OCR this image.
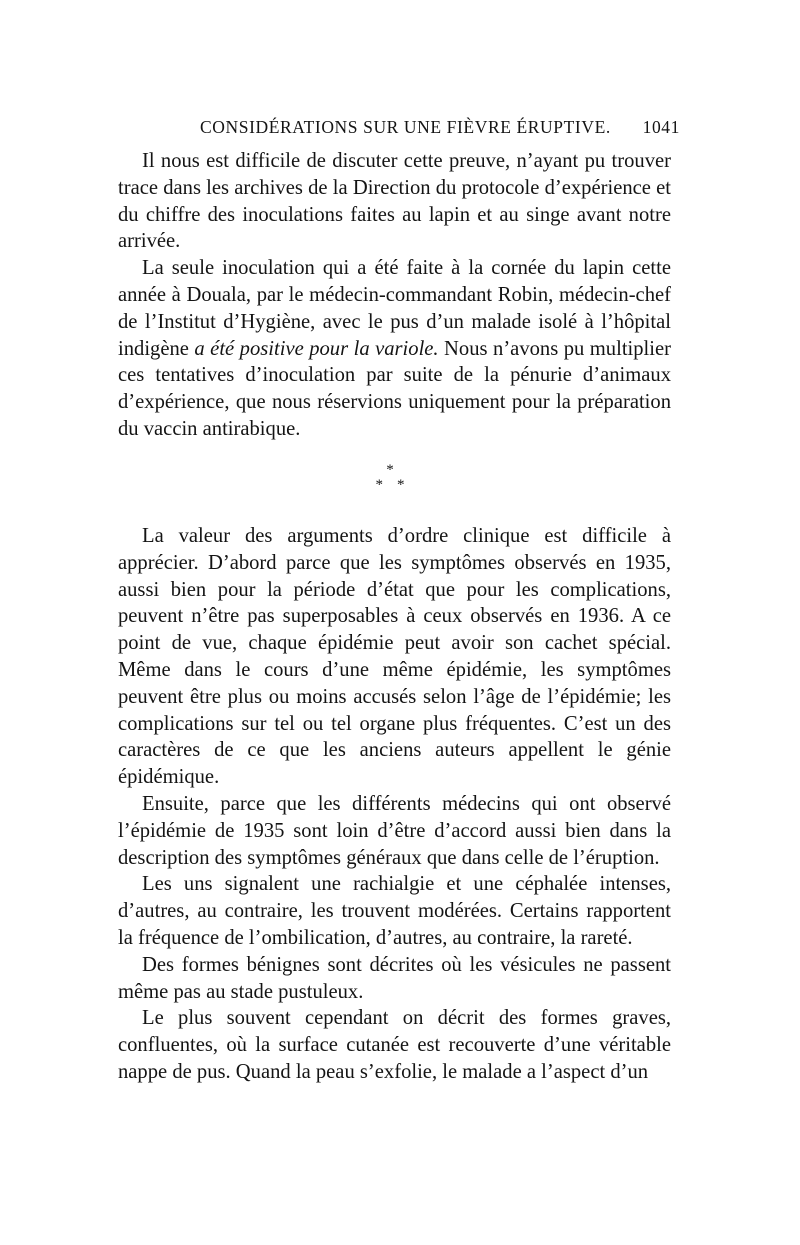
CONSIDÉRATIONS SUR UNE FIÈVRE ÉRUPTIVE. 1041

Il nous est difficile de discuter cette preuve, n’ayant pu trouver trace dans les archives de la Direction du protocole d’expérience et du chiffre des inoculations faites au lapin et au singe avant notre arrivée.

La seule inoculation qui a été faite à la cornée du lapin cette année à Douala, par le médecin-commandant Robin, médecin-chef de l’Institut d’Hygiène, avec le pus d’un malade isolé à l’hôpital indigène a été positive pour la variole. Nous n’avons pu multiplier ces tentatives d’inoculation par suite de la pénurie d’animaux d’expérience, que nous réservions uniquement pour la préparation du vaccin antirabique.

*
**

La valeur des arguments d’ordre clinique est difficile à apprécier. D’abord parce que les symptômes observés en 1935, aussi bien pour la période d’état que pour les complications, peuvent n’être pas superposables à ceux observés en 1936. A ce point de vue, chaque épidémie peut avoir son cachet spécial. Même dans le cours d’une même épidémie, les symptômes peuvent être plus ou moins accusés selon l’âge de l’épidémie; les complications sur tel ou tel organe plus fréquentes. C’est un des caractères de ce que les anciens auteurs appellent le génie épidémique.

Ensuite, parce que les différents médecins qui ont observé l’épidémie de 1935 sont loin d’être d’accord aussi bien dans la description des symptômes généraux que dans celle de l’éruption.

Les uns signalent une rachialgie et une céphalée intenses, d’autres, au contraire, les trouvent modérées. Certains rapportent la fréquence de l’ombilication, d’autres, au contraire, la rareté.

Des formes bénignes sont décrites où les vésicules ne passent même pas au stade pustuleux.

Le plus souvent cependant on décrit des formes graves, confluentes, où la surface cutanée est recouverte d’une véritable nappe de pus. Quand la peau s’exfolie, le malade a l’aspect d’un
